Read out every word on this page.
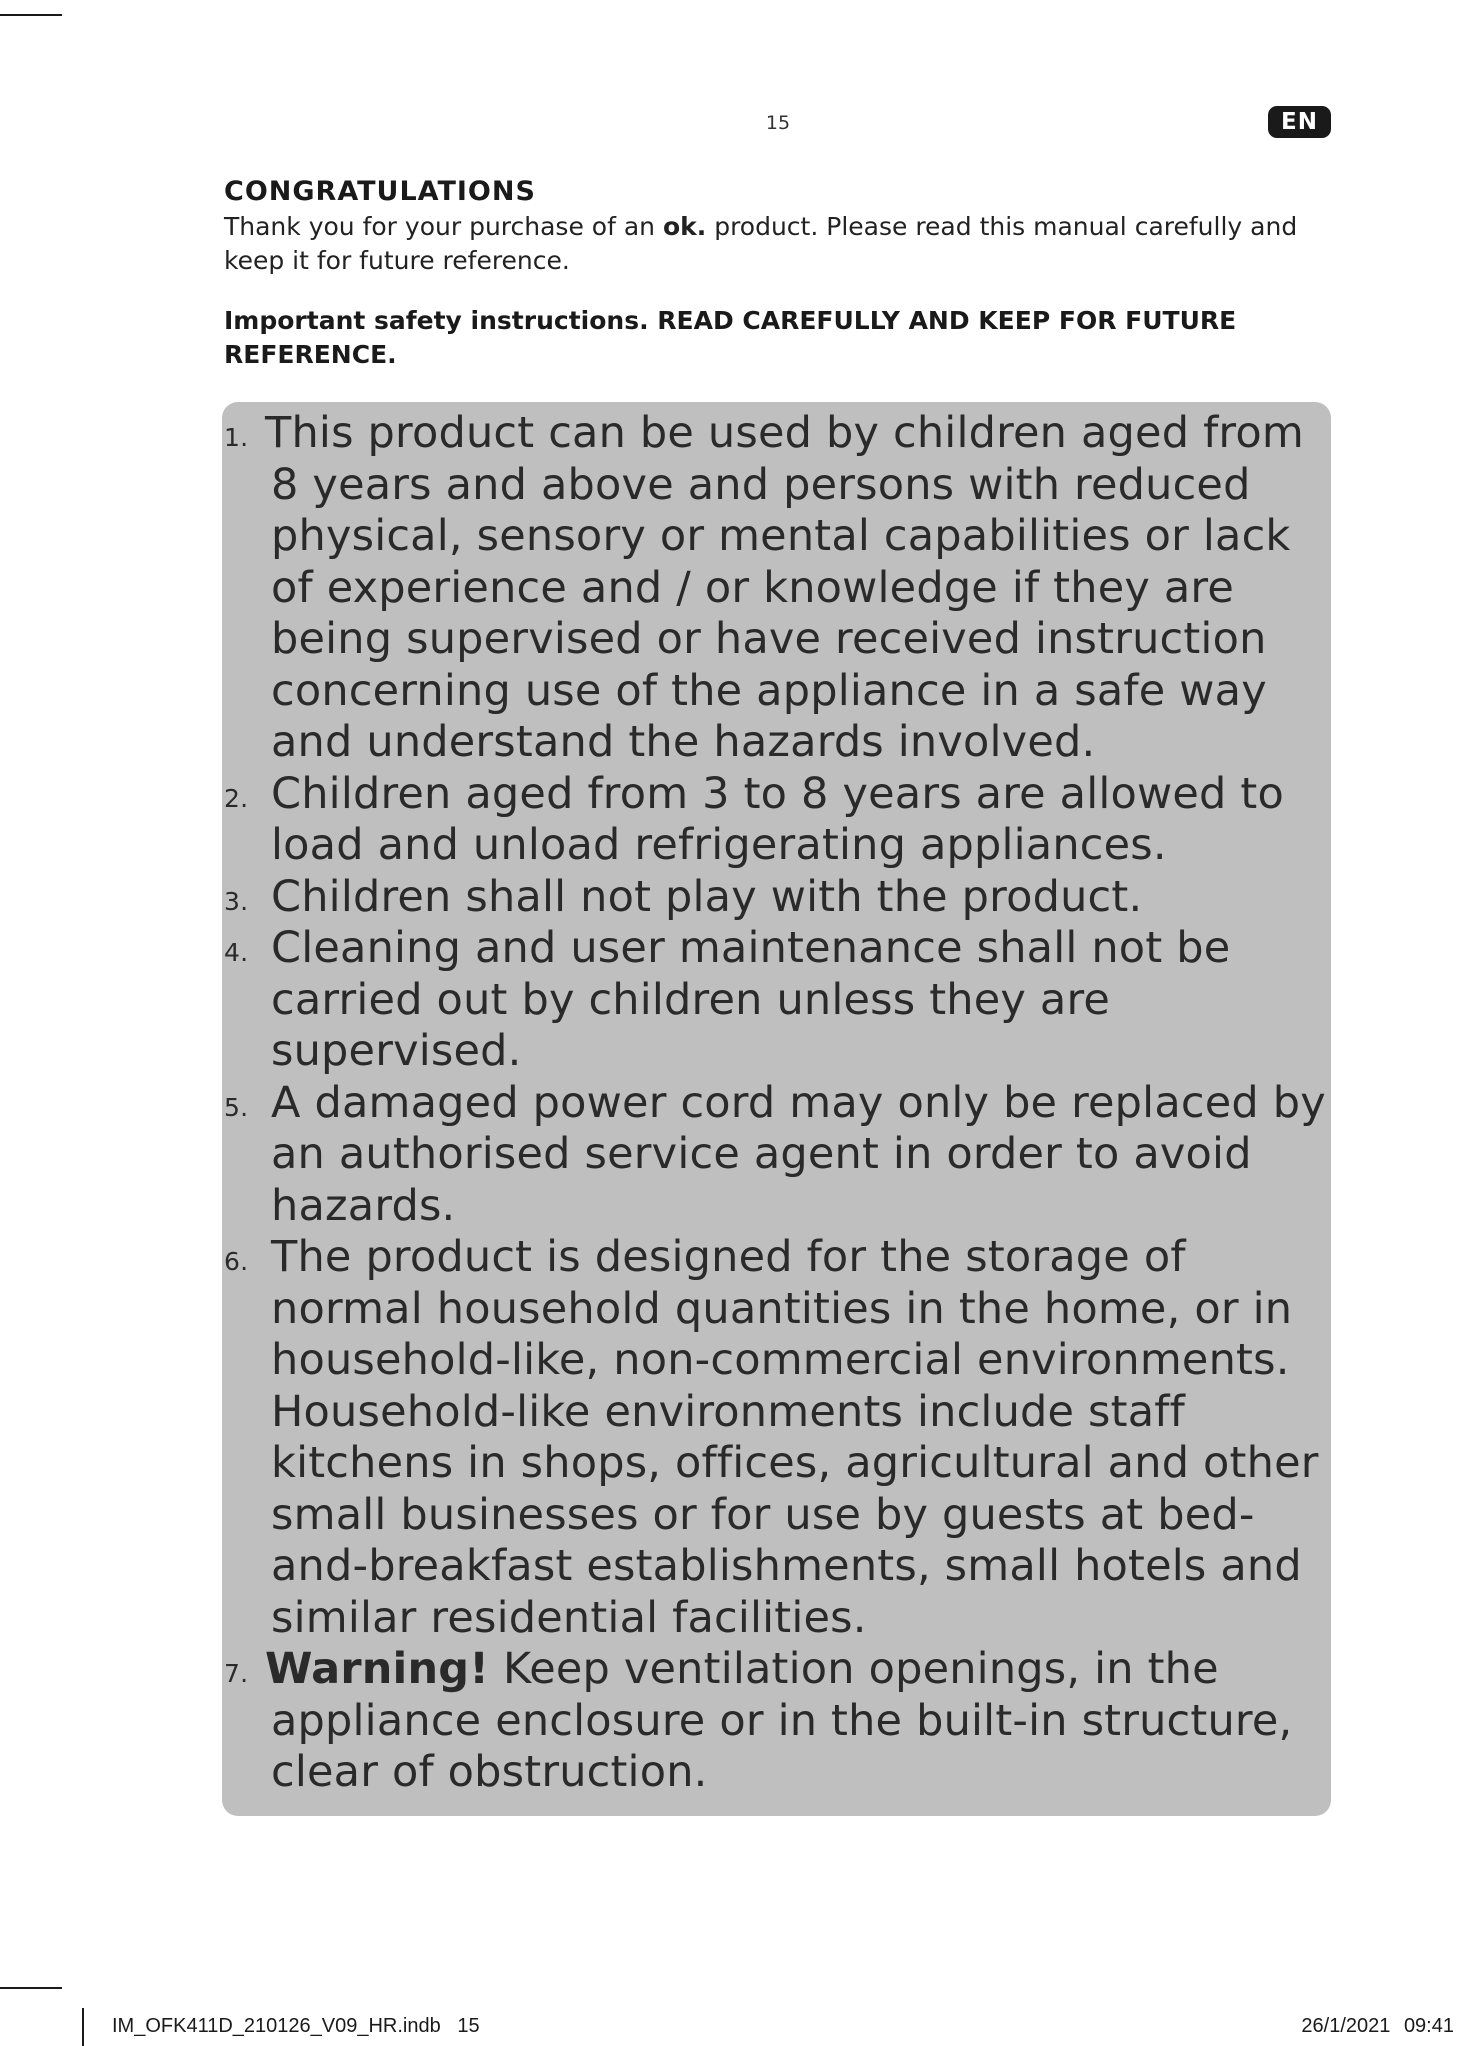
15	EN
CONGRATULATIONS

Thank you for your purchase of an ok. product. Please read this manual carefully and keep it for future reference.

Important safety instructions. READ CAREFULLY AND KEEP FOR FUTURE REFERENCE.

1. This product can be used by children aged from 8 years and above and persons with reduced physical, sensory or mental capabilities or lack of experience and / or knowledge if they are being supervised or have received instruction concerning use of the appliance in a safe way and understand the hazards involved.
2. Children aged from 3 to 8 years are allowed to load and unload refrigerating appliances.
3. Children shall not play with the product.
4. Cleaning and user maintenance shall not be carried out by children unless they are supervised.
5. A damaged power cord may only be replaced by an authorised service agent in order to avoid hazards.
6. The product is designed for the storage of normal household quantities in the home, or in household-like, non-commercial environments. Household-like environments include staff kitchens in shops, offices, agricultural and other small businesses or for use by guests at bed-and-breakfast establishments, small hotels and similar residential facilities.
7. Warning! Keep ventilation openings, in the appliance enclosure or in the built-in structure, clear of obstruction.
IM_OFK411D_210126_V09_HR.indb   15	26/1/2021 09:41
